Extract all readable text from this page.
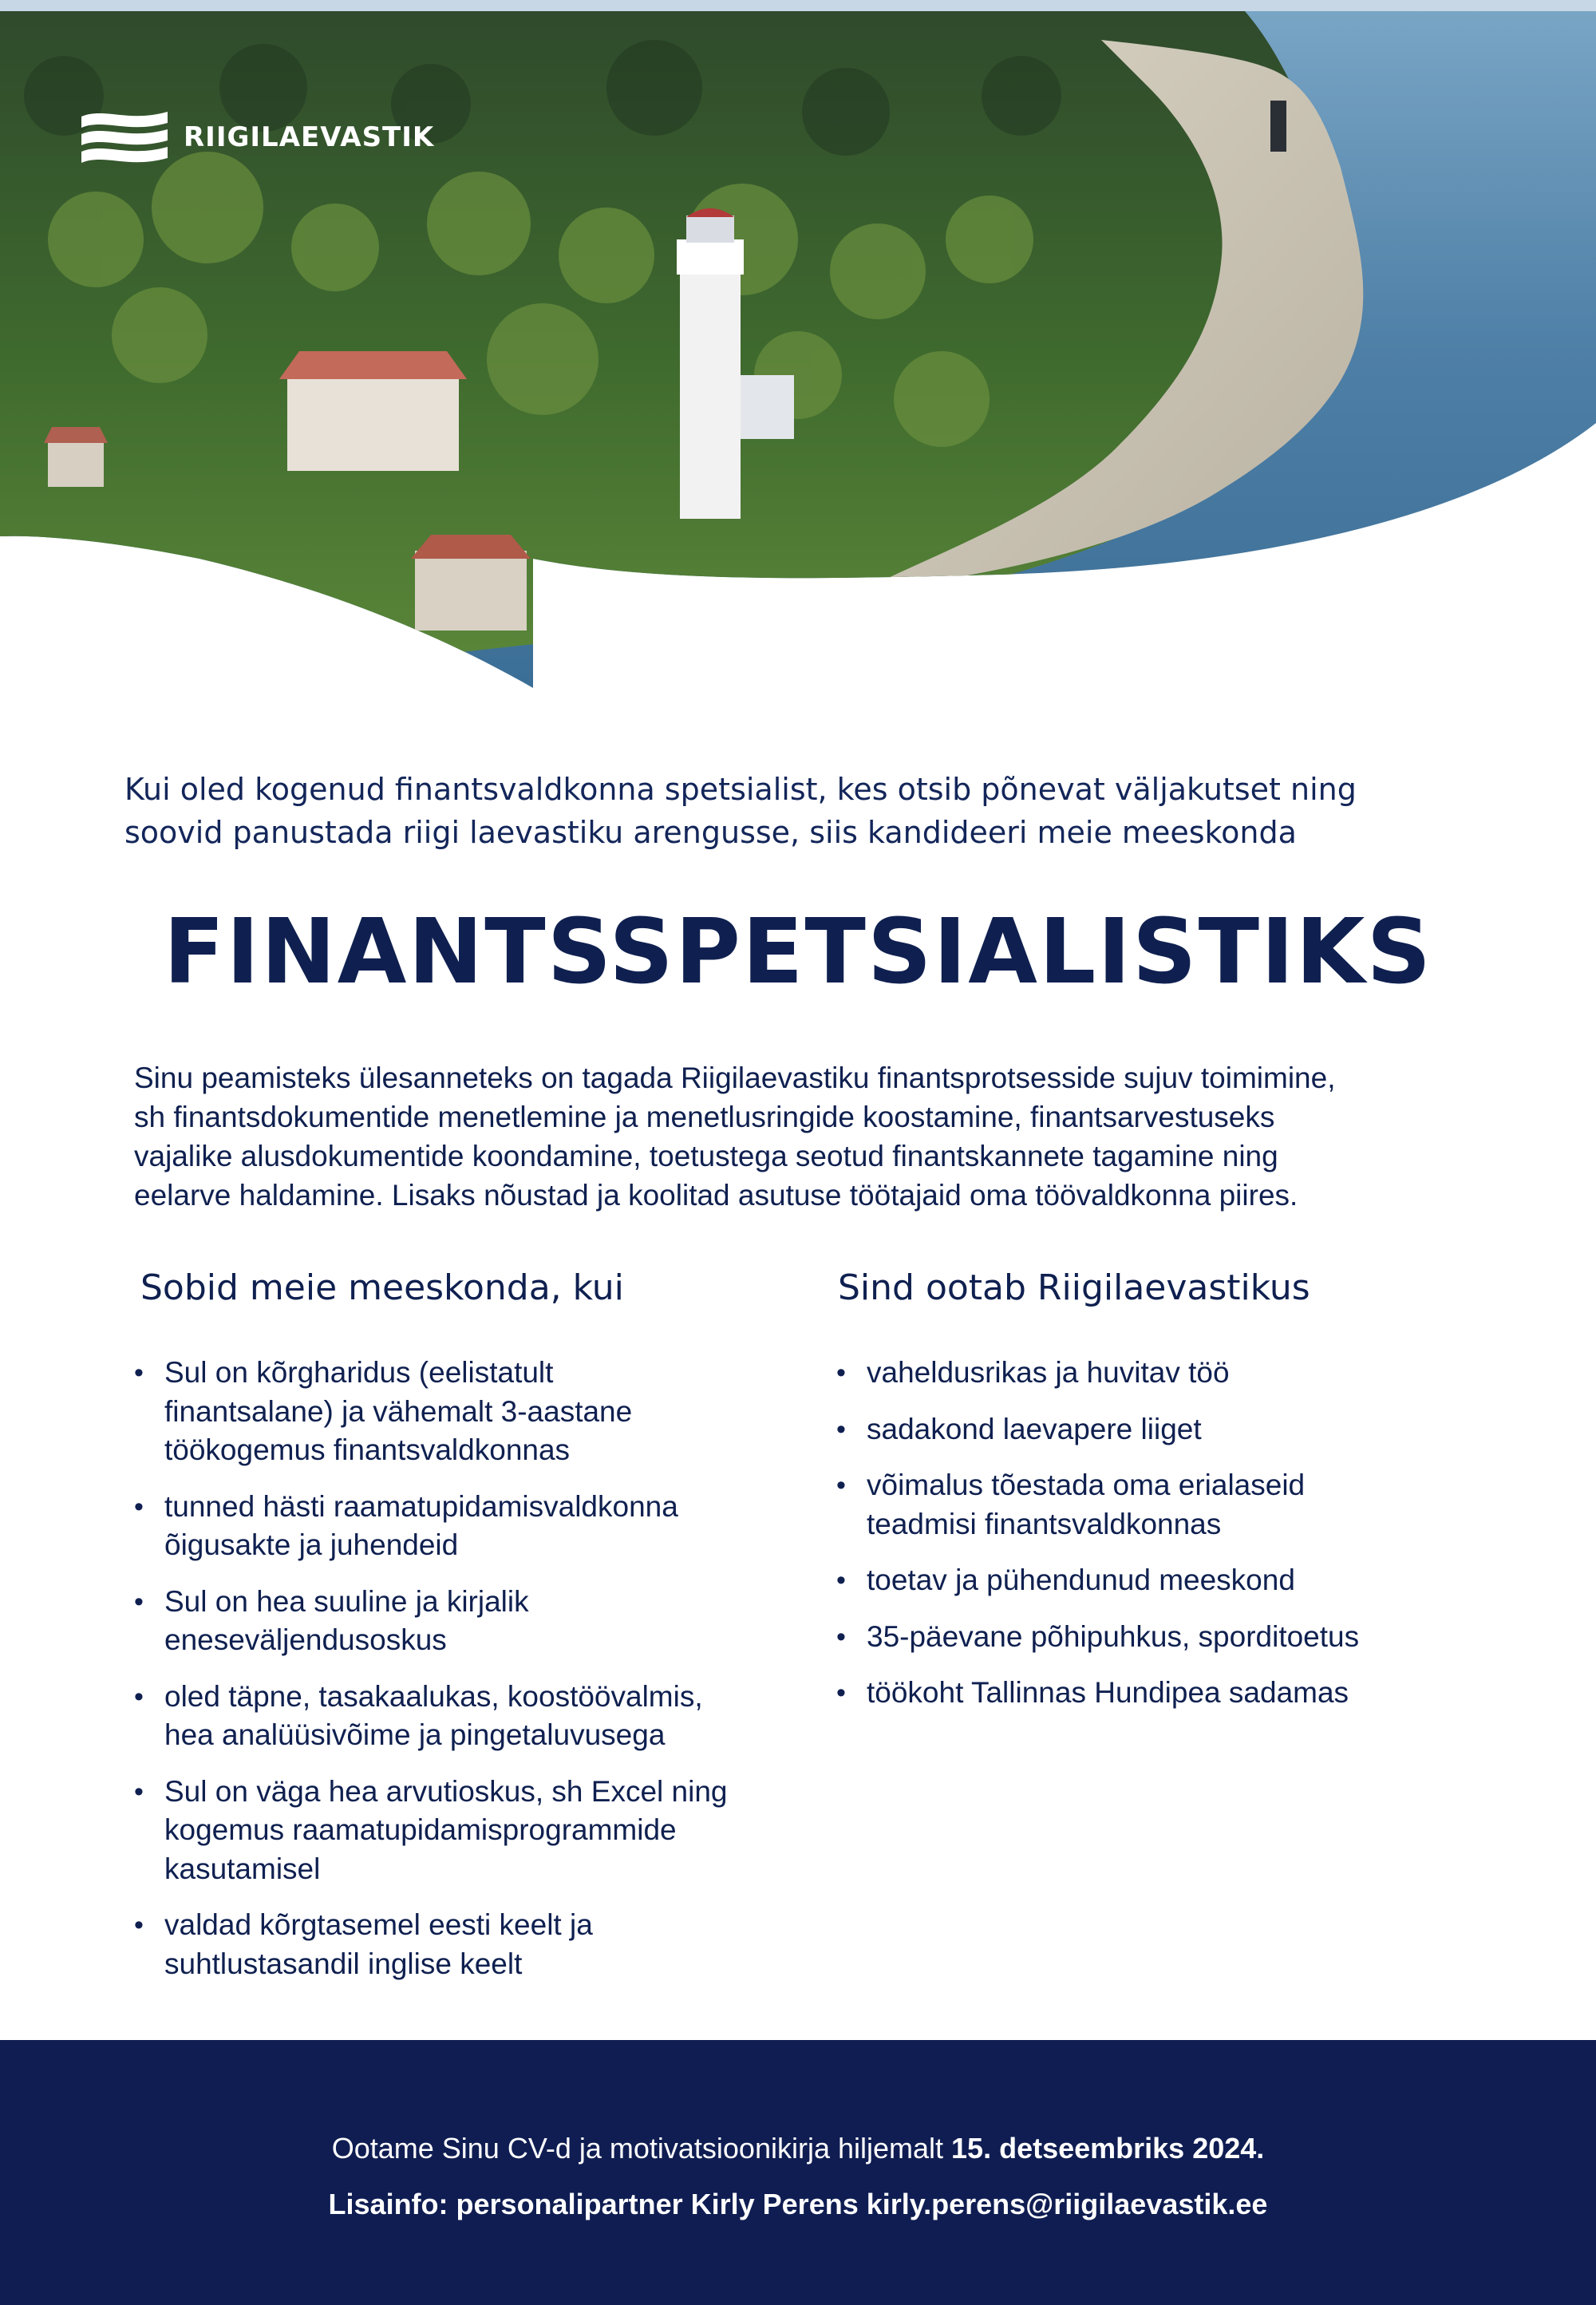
RIIGILAEVASTIK
Kui oled kogenud finantsvaldkonna spetsialist, kes otsib põnevat väljakutset ning
soovid panustada riigi laevastiku arengusse, siis kandideeri meie meeskonda
FINANTSSPETSIALISTIKS
Sinu peamisteks ülesanneteks on tagada Riigilaevastiku finantsprotsesside sujuv toimimine,
sh finantsdokumentide menetlemine ja menetlusringide koostamine, finantsarvestuseks
vajalike alusdokumentide koondamine, toetustega seotud finantskannete tagamine ning
eelarve haldamine. Lisaks nõustad ja koolitad asutuse töötajaid oma töövaldkonna piires.
Sobid meie meeskonda, kui	Sind ootab Riigilaevastikus
• Sul on kõrgharidus (eelistatult
finantsalane) ja vähemalt 3-aastane
töökogemus finantsvaldkonnas
• tunned hästi raamatupidamisvaldkonna
õigusakte ja juhendeid
• Sul on hea suuline ja kirjalik
eneseväljendusoskus
• oled täpne, tasakaalukas, koostöövalmis,
hea analüüsivõime ja pingetaluvusega
• Sul on väga hea arvutioskus, sh Excel ning
kogemus raamatupidamisprogrammide
kasutamisel
• valdad kõrgtasemel eesti keelt ja
suhtlustasandil inglise keelt
• vaheldusrikas ja huvitav töö
• sadakond laevapere liiget
• võimalus tõestada oma erialaseid
teadmisi finantsvaldkonnas
• toetav ja pühendunud meeskond
• 35-päevane põhipuhkus, sporditoetus
• töökoht Tallinnas Hundipea sadamas
Ootame Sinu CV-d ja motivatsioonikirja hiljemalt 15. detseembriks 2024.
Lisainfo: personalipartner Kirly Perens kirly.perens@riigilaevastik.ee
